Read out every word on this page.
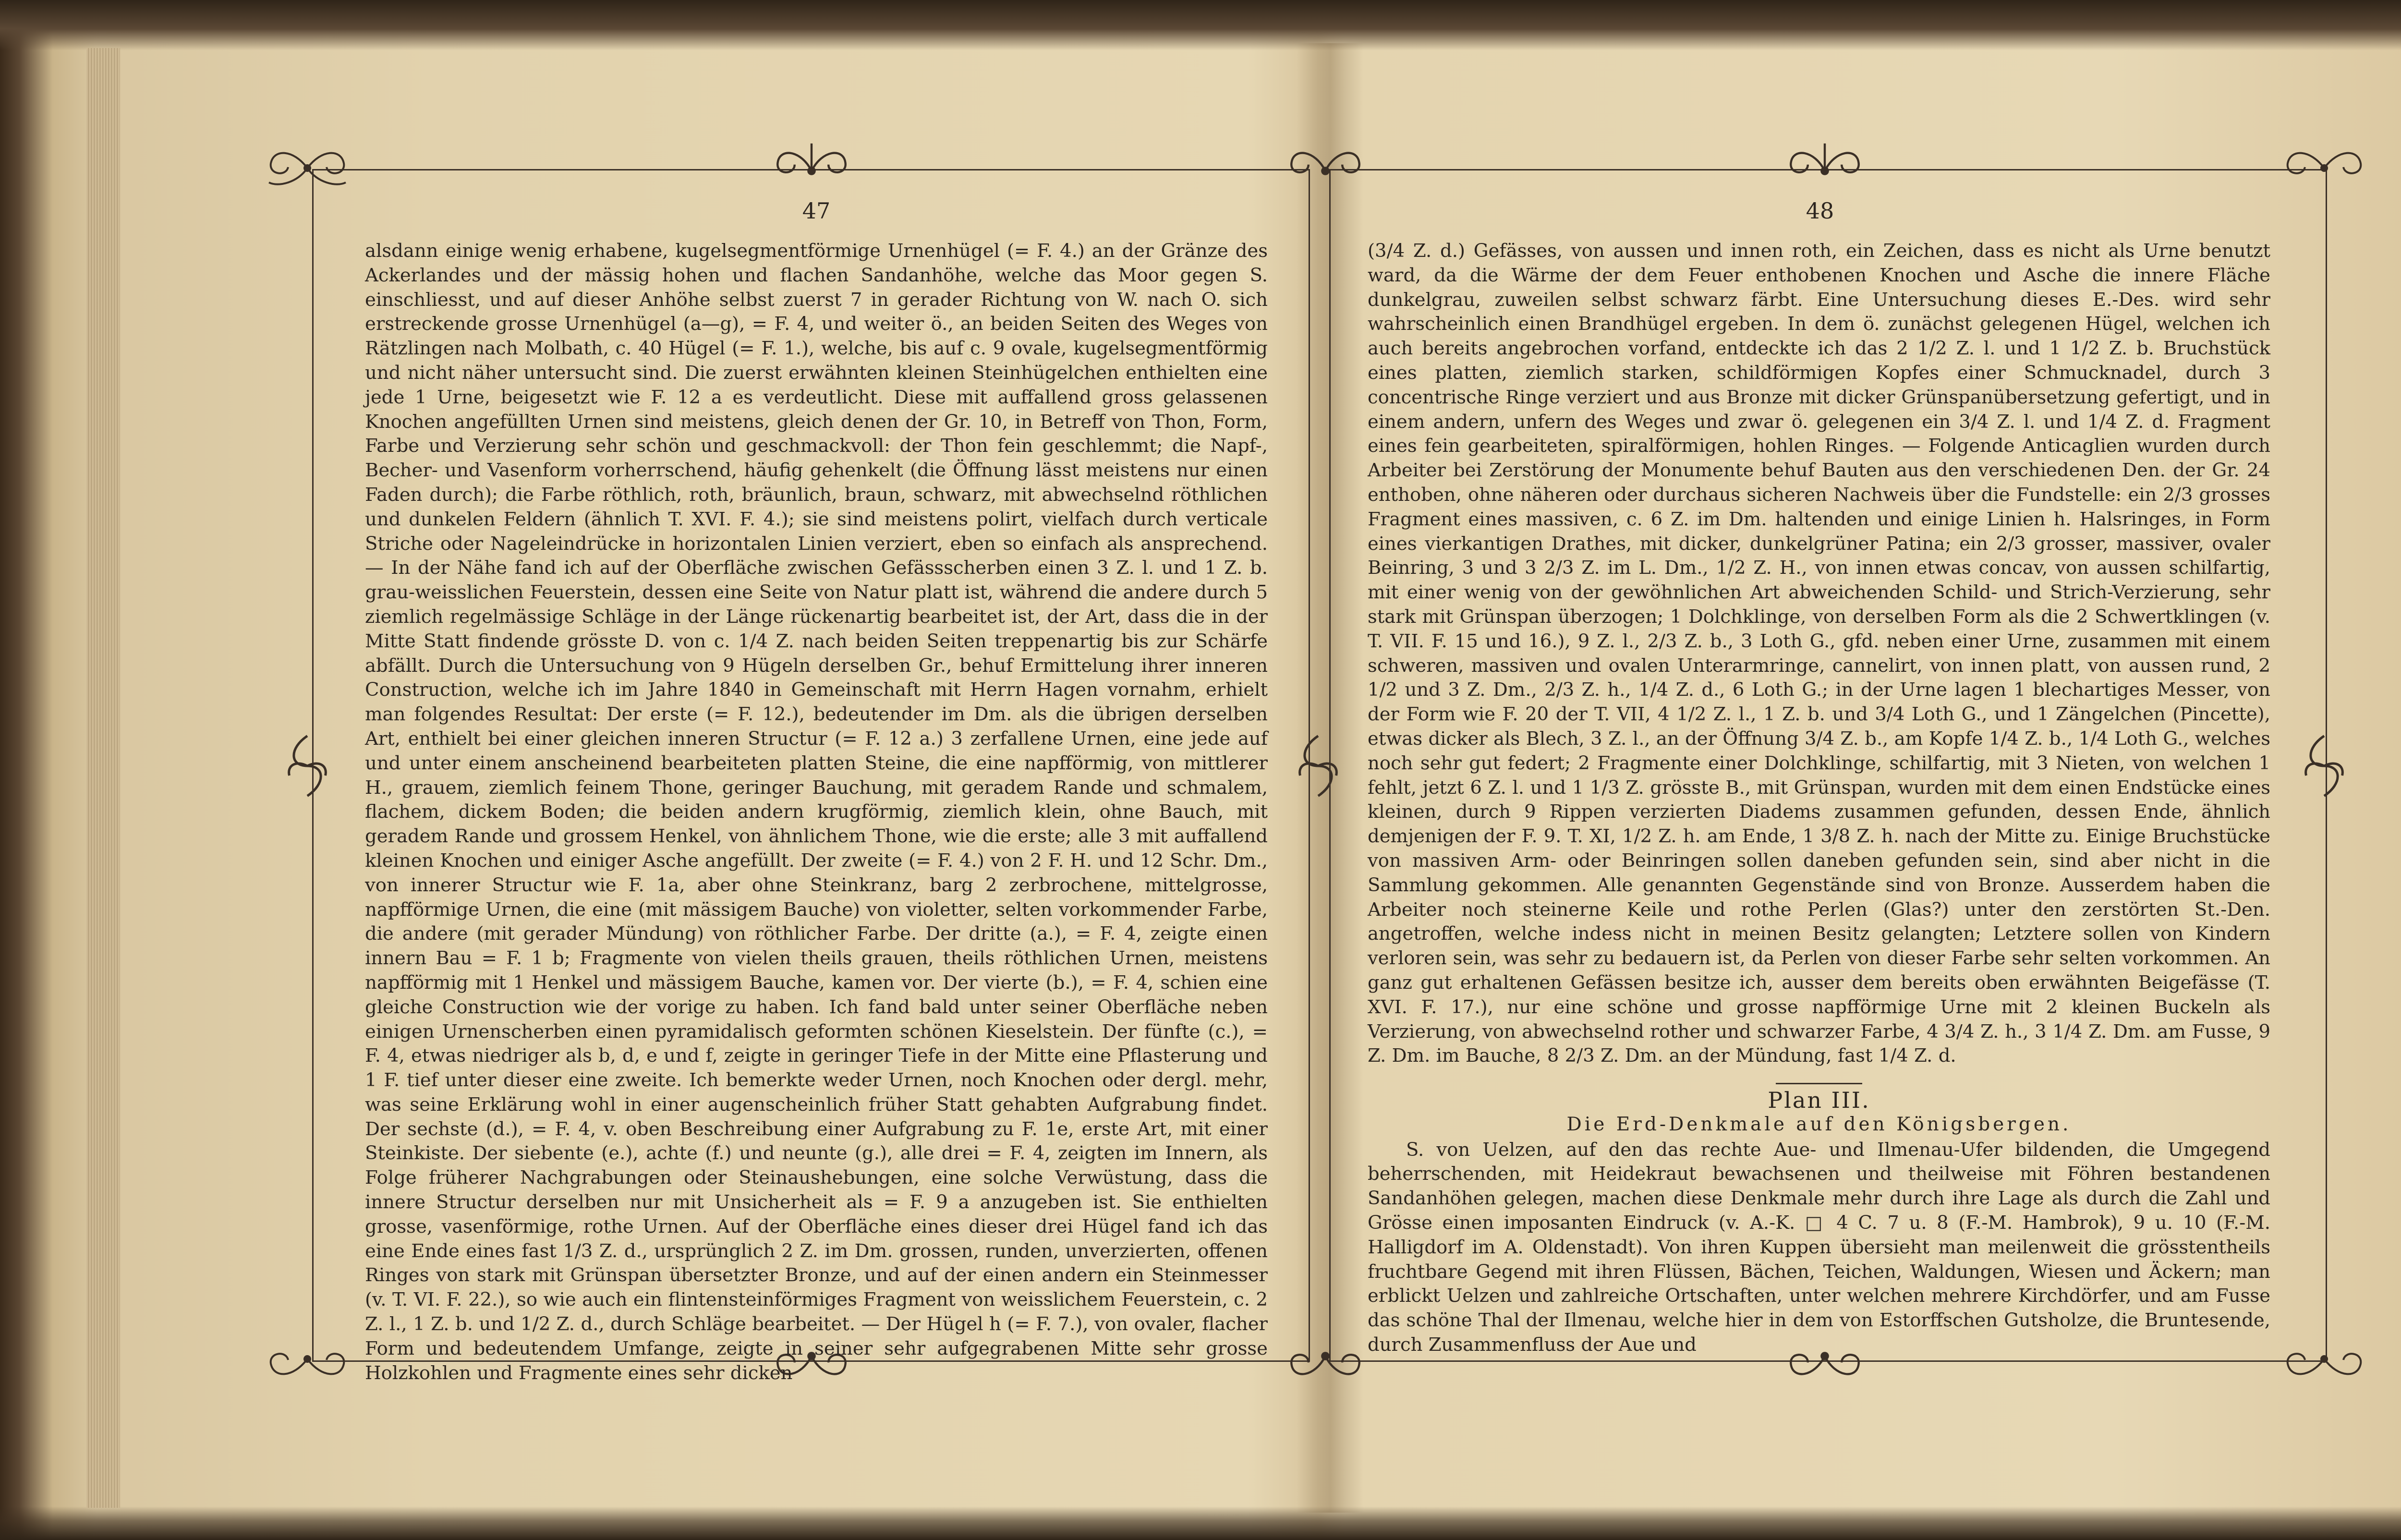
47	48

alsdann einige wenig erhabene, kugelsegmentförmige Urnenhügel (= F. 4.) an der Gränze des Ackerlandes und der mässig hohen und flachen Sandanhöhe, welche das Moor gegen S. einschliesst, und auf dieser Anhöhe selbst zuerst 7 in gerader Richtung von W. nach O. sich erstreckende grosse Urnenhügel (a—g), = F. 4, und weiter ö., an beiden Seiten des Weges von Rätzlingen nach Molbath, c. 40 Hügel (= F. 1.), welche, bis auf c. 9 ovale, kugelsegmentförmig und nicht näher untersucht sind. Die zuerst erwähnten kleinen Steinhügelchen enthielten eine jede 1 Urne, beigesetzt wie F. 12 a es verdeutlicht. Diese mit auffallend gross gelassenen Knochen angefüllten Urnen sind meistens, gleich denen der Gr. 10, in Betreff von Thon, Form, Farbe und Verzierung sehr schön und geschmackvoll: der Thon fein geschlemmt; die Napf-, Becher- und Vasenform vorherrschend, häufig gehenkelt (die Öffnung lässt meistens nur einen Faden durch); die Farbe röthlich, roth, bräunlich, braun, schwarz, mit abwechselnd röthlichen und dunkelen Feldern (ähnlich T. XVI. F. 4.); sie sind meistens polirt, vielfach durch verticale Striche oder Nageleindrücke in horizontalen Linien verziert, eben so einfach als ansprechend. — In der Nähe fand ich auf der Oberfläche zwischen Gefässscherben einen 3 Z. l. und 1 Z. b. grau-weisslichen Feuerstein, dessen eine Seite von Natur platt ist, während die andere durch 5 ziemlich regelmässige Schläge in der Länge rückenartig bearbeitet ist, der Art, dass die in der Mitte Statt findende grösste D. von c. 1/4 Z. nach beiden Seiten treppenartig bis zur Schärfe abfällt. Durch die Untersuchung von 9 Hügeln derselben Gr., behuf Ermittelung ihrer inneren Construction, welche ich im Jahre 1840 in Gemeinschaft mit Herrn Hagen vornahm, erhielt man folgendes Resultat: Der erste (= F. 12.), bedeutender im Dm. als die übrigen derselben Art, enthielt bei einer gleichen inneren Structur (= F. 12 a.) 3 zerfallene Urnen, eine jede auf und unter einem anscheinend bearbeiteten platten Steine, die eine napfförmig, von mittlerer H., grauem, ziemlich feinem Thone, geringer Bauchung, mit geradem Rande und schmalem, flachem, dickem Boden; die beiden andern krugförmig, ziemlich klein, ohne Bauch, mit geradem Rande und grossem Henkel, von ähnlichem Thone, wie die erste; alle 3 mit auffallend kleinen Knochen und einiger Asche angefüllt. Der zweite (= F. 4.) von 2 F. H. und 12 Schr. Dm., von innerer Structur wie F. 1a, aber ohne Steinkranz, barg 2 zerbrochene, mittelgrosse, napfförmige Urnen, die eine (mit mässigem Bauche) von violetter, selten vorkommender Farbe, die andere (mit gerader Mündung) von röthlicher Farbe. Der dritte (a.), = F. 4, zeigte einen innern Bau = F. 1 b; Fragmente von vielen theils grauen, theils röthlichen Urnen, meistens napfförmig mit 1 Henkel und mässigem Bauche, kamen vor. Der vierte (b.), = F. 4, schien eine gleiche Construction wie der vorige zu haben. Ich fand bald unter seiner Oberfläche neben einigen Urnenscherben einen pyramidalisch geformten schönen Kieselstein. Der fünfte (c.), = F. 4, etwas niedriger als b, d, e und f, zeigte in geringer Tiefe in der Mitte eine Pflasterung und 1 F. tief unter dieser eine zweite. Ich bemerkte weder Urnen, noch Knochen oder dergl. mehr, was seine Erklärung wohl in einer augenscheinlich früher Statt gehabten Aufgrabung findet. Der sechste (d.), = F. 4, v. oben Beschreibung einer Aufgrabung zu F. 1e, erste Art, mit einer Steinkiste. Der siebente (e.), achte (f.) und neunte (g.), alle drei = F. 4, zeigten im Innern, als Folge früherer Nachgrabungen oder Steinaushebungen, eine solche Verwüstung, dass die innere Structur derselben nur mit Unsicherheit als = F. 9 a anzugeben ist. Sie enthielten grosse, vasenförmige, rothe Urnen. Auf der Oberfläche eines dieser drei Hügel fand ich das eine Ende eines fast 1/3 Z. d., ursprünglich 2 Z. im Dm. grossen, runden, unverzierten, offenen Ringes von stark mit Grünspan übersetzter Bronze, und auf der einen andern ein Steinmesser (v. T. VI. F. 22.), so wie auch ein flintensteinförmiges Fragment von weisslichem Feuerstein, c. 2 Z. l., 1 Z. b. und 1/2 Z. d., durch Schläge bearbeitet. — Der Hügel h (= F. 7.), von ovaler, flacher Form und bedeutendem Umfange, zeigte in seiner sehr aufgegrabenen Mitte sehr grosse Holzkohlen und Fragmente eines sehr dicken

(3/4 Z. d.) Gefässes, von aussen und innen roth, ein Zeichen, dass es nicht als Urne benutzt ward, da die Wärme der dem Feuer enthobenen Knochen und Asche die innere Fläche dunkelgrau, zuweilen selbst schwarz färbt. Eine Untersuchung dieses E.-Des. wird sehr wahrscheinlich einen Brandhügel ergeben. In dem ö. zunächst gelegenen Hügel, welchen ich auch bereits angebrochen vorfand, entdeckte ich das 2 1/2 Z. l. und 1 1/2 Z. b. Bruchstück eines platten, ziemlich starken, schildförmigen Kopfes einer Schmucknadel, durch 3 concentrische Ringe verziert und aus Bronze mit dicker Grünspanübersetzung gefertigt, und in einem andern, unfern des Weges und zwar ö. gelegenen ein 3/4 Z. l. und 1/4 Z. d. Fragment eines fein gearbeiteten, spiralförmigen, hohlen Ringes. — Folgende Anticaglien wurden durch Arbeiter bei Zerstörung der Monumente behuf Bauten aus den verschiedenen Den. der Gr. 24 enthoben, ohne näheren oder durchaus sicheren Nachweis über die Fundstelle: ein 2/3 grosses Fragment eines massiven, c. 6 Z. im Dm. haltenden und einige Linien h. Halsringes, in Form eines vierkantigen Drathes, mit dicker, dunkelgrüner Patina; ein 2/3 grosser, massiver, ovaler Beinring, 3 und 3 2/3 Z. im L. Dm., 1/2 Z. H., von innen etwas concav, von aussen schilfartig, mit einer wenig von der gewöhnlichen Art abweichenden Schild- und Strich-Verzierung, sehr stark mit Grünspan überzogen; 1 Dolchklinge, von derselben Form als die 2 Schwertklingen (v. T. VII. F. 15 und 16.), 9 Z. l., 2/3 Z. b., 3 Loth G., gfd. neben einer Urne, zusammen mit einem schweren, massiven und ovalen Unterarmringe, cannelirt, von innen platt, von aussen rund, 2 1/2 und 3 Z. Dm., 2/3 Z. h., 1/4 Z. d., 6 Loth G.; in der Urne lagen 1 blechartiges Messer, von der Form wie F. 20 der T. VII, 4 1/2 Z. l., 1 Z. b. und 3/4 Loth G., und 1 Zängelchen (Pincette), etwas dicker als Blech, 3 Z. l., an der Öffnung 3/4 Z. b., am Kopfe 1/4 Z. b., 1/4 Loth G., welches noch sehr gut federt; 2 Fragmente einer Dolchklinge, schilfartig, mit 3 Nieten, von welchen 1 fehlt, jetzt 6 Z. l. und 1 1/3 Z. grösste B., mit Grünspan, wurden mit dem einen Endstücke eines kleinen, durch 9 Rippen verzierten Diadems zusammen gefunden, dessen Ende, ähnlich demjenigen der F. 9. T. XI, 1/2 Z. h. am Ende, 1 3/8 Z. h. nach der Mitte zu. Einige Bruchstücke von massiven Arm- oder Beinringen sollen daneben gefunden sein, sind aber nicht in die Sammlung gekommen. Alle genannten Gegenstände sind von Bronze. Ausserdem haben die Arbeiter noch steinerne Keile und rothe Perlen (Glas?) unter den zerstörten St.-Den. angetroffen, welche indess nicht in meinen Besitz gelangten; Letztere sollen von Kindern verloren sein, was sehr zu bedauern ist, da Perlen von dieser Farbe sehr selten vorkommen. An ganz gut erhaltenen Gefässen besitze ich, ausser dem bereits oben erwähnten Beigefässe (T. XVI. F. 17.), nur eine schöne und grosse napfförmige Urne mit 2 kleinen Buckeln als Verzierung, von abwechselnd rother und schwarzer Farbe, 4 3/4 Z. h., 3 1/4 Z. Dm. am Fusse, 9 Z. Dm. im Bauche, 8 2/3 Z. Dm. an der Mündung, fast 1/4 Z. d.

Plan III.
Die Erd-Denkmale auf den Königsbergen.

S. von Uelzen, auf den das rechte Aue- und Ilmenau-Ufer bildenden, die Umgegend beherrschenden, mit Heidekraut bewachsenen und theilweise mit Föhren bestandenen Sandanhöhen gelegen, machen diese Denkmale mehr durch ihre Lage als durch die Zahl und Grösse einen imposanten Eindruck (v. A.-K. □ 4 C. 7 u. 8 (F.-M. Hambrok), 9 u. 10 (F.-M. Halligdorf im A. Oldenstadt). Von ihren Kuppen übersieht man meilenweit die grösstentheils fruchtbare Gegend mit ihren Flüssen, Bächen, Teichen, Waldungen, Wiesen und Äckern; man erblickt Uelzen und zahlreiche Ortschaften, unter welchen mehrere Kirchdörfer, und am Fusse das schöne Thal der Ilmenau, welche hier in dem von Estorffschen Gutsholze, die Bruntesende, durch Zusammenfluss der Aue und
